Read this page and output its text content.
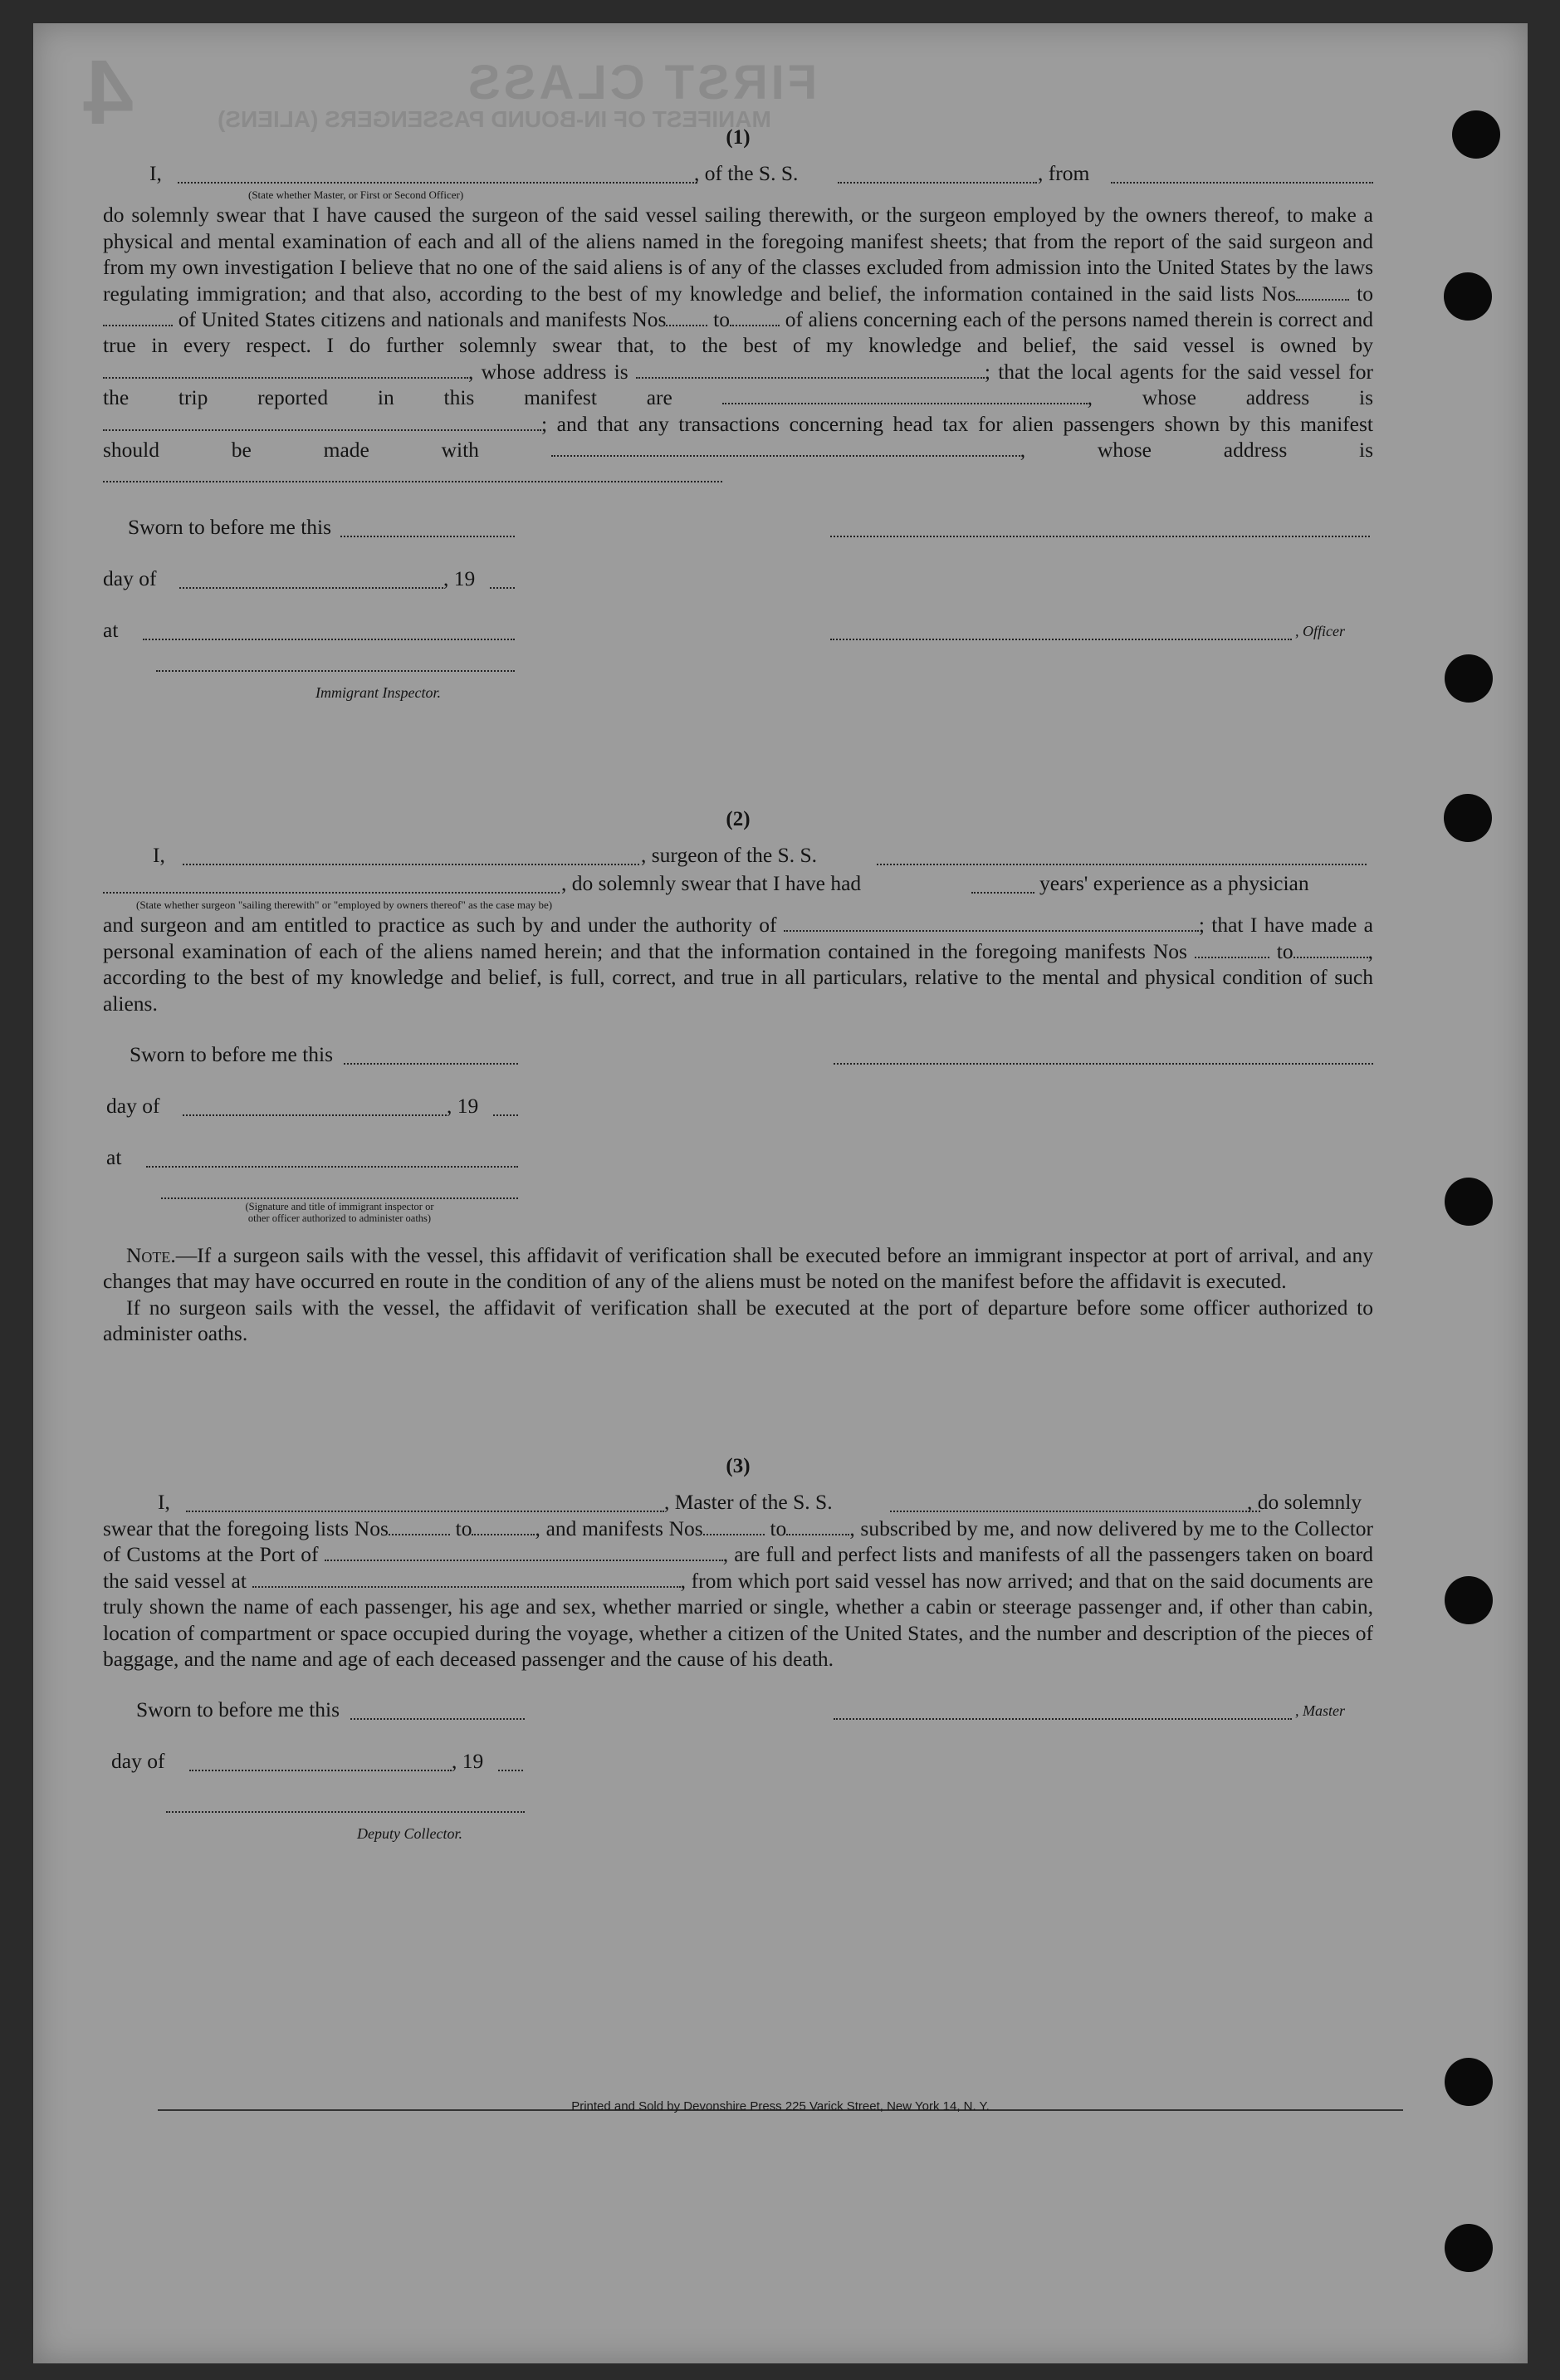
4	FIRST CLASS
MANIFEST OF IN-BOUND PASSENGERS (ALIENS)
Printed and Sold by Devonshire Press 225 Varick Street, New York 14, N. Y.

(1)

I,	, of the S. S.	, from
(State whether Master, or First or Second Officer)

do solemnly swear that I have caused the surgeon of the said vessel sailing therewith, or the surgeon employed by the owners thereof, to make a physical and mental examination of each and all of the aliens named in the foregoing manifest sheets; that from the report of the said surgeon and from my own investigation I believe that no one of the said aliens is of any of the classes excluded from admission into the United States by the laws regulating immigration; and that also, according to the best of my knowledge and belief, the information contained in the said lists Nos	to of United States citizens and nationals and manifests Nos to	of aliens concerning each of the persons named therein is correct and true in every respect. I do further solemnly swear that, to the best of my knowledge and belief, the said vessel is owned by , whose address is	; that the local agents for the said vessel for the trip reported in this manifest are	, whose address is ; and that any transactions concerning head tax for alien passengers shown by this manifest should be made with	, whose address is

Sworn to before me this
day of	, 19
at	, Officer
Immigrant Inspector.

(2)

I,	, surgeon of the S. S.
, do solemnly swear that I have had	years' experience as a physician
(State whether surgeon "sailing therewith" or "employed by owners thereof" as the case may be)

and surgeon and am entitled to practice as such by and under the authority of	; that I have made a personal examination of each of the aliens named herein; and that the information contained in the foregoing manifests Nos	to	, according to the best of my knowledge and belief, is full, correct, and true in all particulars, relative to the mental and physical condition of such aliens.

Sworn to before me this
day of	, 19
at
(Signature and title of immigrant inspector or
other officer authorized to administer oaths)

Note.—If a surgeon sails with the vessel, this affidavit of verification shall be executed before an immigrant inspector at port of arrival, and any changes that may have occurred en route in the condition of any of the aliens must be noted on the manifest before the affidavit is executed.

If no surgeon sails with the vessel, the affidavit of verification shall be executed at the port of departure before some officer authorized to administer oaths.

(3)

I,	, Master of the S. S.	, do solemnly

swear that the foregoing lists Nos	to	, and manifests Nos	to	, subscribed by me, and now delivered by me to the Collector of Customs at the Port of	, are full and perfect lists and manifests of all the passengers taken on board the said vessel at	, from which port said vessel has now arrived; and that on the said documents are truly shown the name of each passenger, his age and sex, whether married or single, whether a cabin or steerage passenger and, if other than cabin, location of compartment or space occupied during the voyage, whether a citizen of the United States, and the number and description of the pieces of baggage, and the name and age of each deceased passenger and the cause of his death.

Sworn to before me this	, Master
day of	, 19
Deputy Collector.
